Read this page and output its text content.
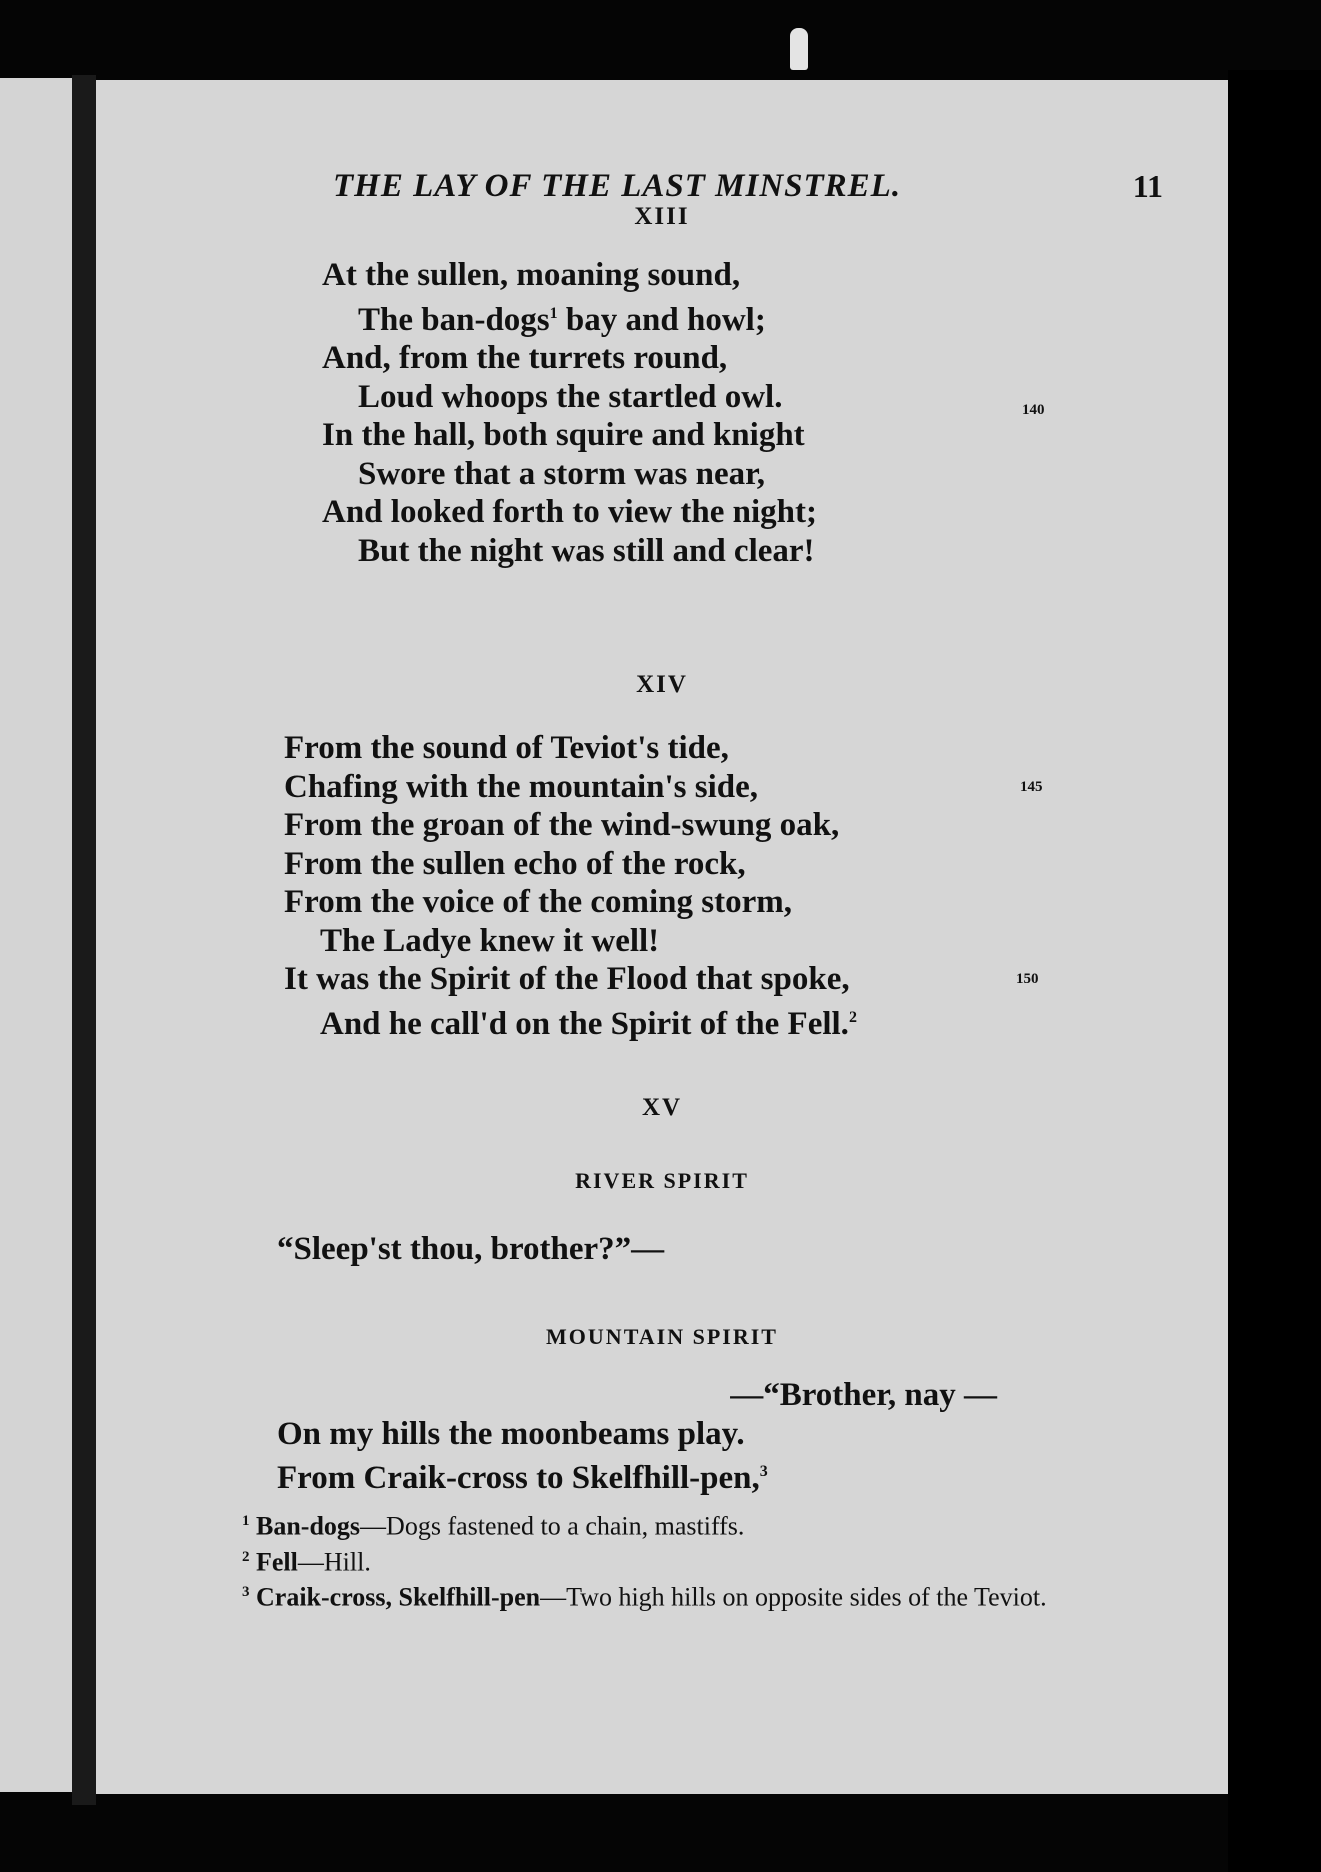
THE LAY OF THE LAST MINSTREL.	11
XIII
At the sullen, moaning sound,
The ban-dogs$^1$ bay and howl;
And, from the turrets round,
Loud whoops the startled owl.
In the hall, both squire and knight
Swore that a storm was near,
And looked forth to view the night;
But the night was still and clear!
140
XIV
From the sound of Teviot's tide,
Chafing with the mountain's side,
From the groan of the wind-swung oak,
From the sullen echo of the rock,
From the voice of the coming storm,
The Ladye knew it well!
It was the Spirit of the Flood that spoke,
And he call'd on the Spirit of the Fell.$^2$
145
150
XV
RIVER SPIRIT
“Sleep'st thou, brother?”—
MOUNTAIN SPIRIT
—“Brother, nay —
On my hills the moonbeams play.
From Craik-cross to Skelfhill-pen,$^3$
$^1$ Ban-dogs—Dogs fastened to a chain, mastiffs.
$^2$ Fell—Hill.
$^3$ Craik-cross, Skelfhill-pen—Two high hills on opposite sides of the Teviot.
